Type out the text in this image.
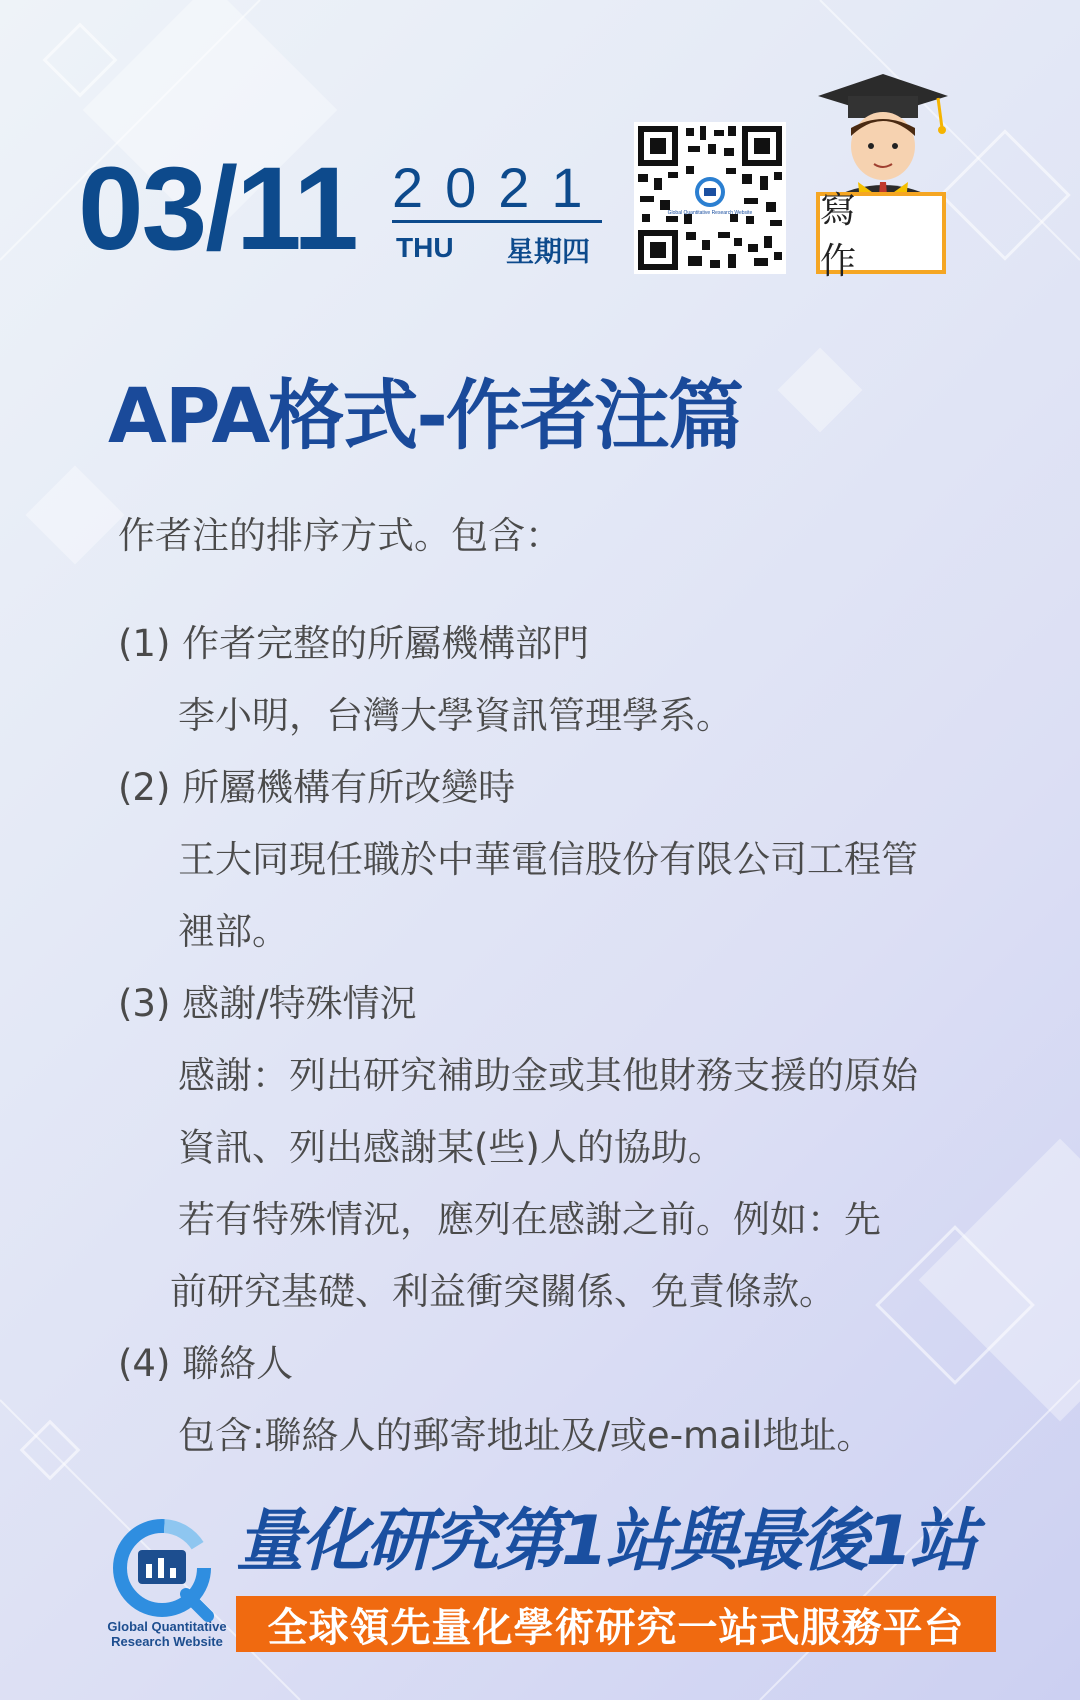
03/11 2021
THU 星期四
Global Quantitative Research Website 寫 作
APA格式-作者注篇
作者注的排序方式。包含：
(1) 作者完整的所屬機構部門
李小明，台灣大學資訊管理學系。
(2) 所屬機構有所改變時
王大同現任職於中華電信股份有限公司工程管
裡部。
(3) 感謝/特殊情況
感謝：列出研究補助金或其他財務支援的原始
資訊、列出感謝某(些)人的協助。
若有特殊情況，應列在感謝之前。例如：先
前研究基礎、利益衝突關係、免責條款。
(4) 聯絡人
包含:聯絡人的郵寄地址及/或e-mail地址。
Global Quantitative
Research Website
量化研究第1站與最後1站
全球領先量化學術研究一站式服務平台
